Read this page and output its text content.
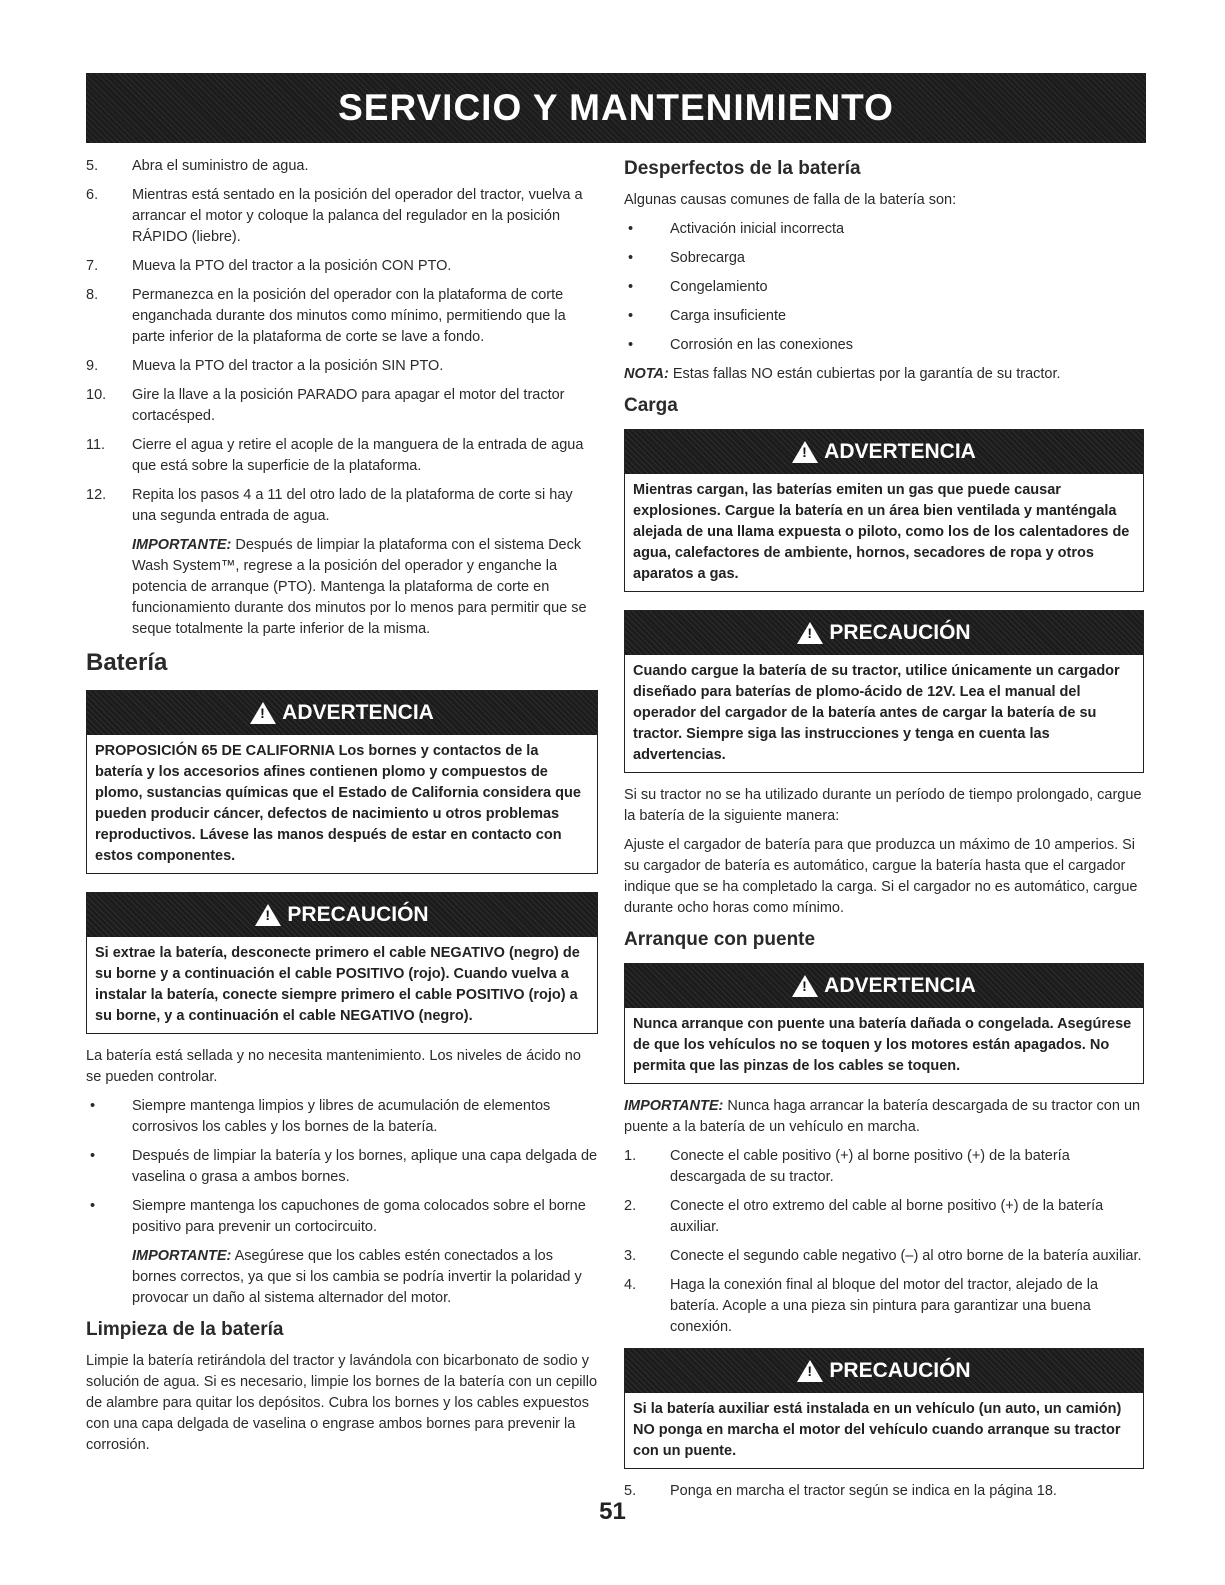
SERVICIO Y MANTENIMIENTO
5.	Abra el suministro de agua.
6.	Mientras está sentado en la posición del operador del tractor, vuelva a arrancar el motor y coloque la palanca del regulador en la posición RÁPIDO (liebre).
7.	Mueva la PTO del tractor a la posición CON PTO.
8.	Permanezca en la posición del operador con la plataforma de corte enganchada durante dos minutos como mínimo, permitiendo que la parte inferior de la plataforma de corte se lave a fondo.
9.	Mueva la PTO del tractor a la posición SIN PTO.
10.	Gire la llave a la posición PARADO para apagar el motor del tractor cortacésped.
11.	Cierre el agua y retire el acople de la manguera de la entrada de agua que está sobre la superficie de la plataforma.
12.	Repita los pasos 4 a 11 del otro lado de la plataforma de corte si hay una segunda entrada de agua.

IMPORTANTE: Después de limpiar la plataforma con el sistema Deck Wash System™, regrese a la posición del operador y enganche la potencia de arranque (PTO). Mantenga la plataforma de corte en funcionamiento durante dos minutos por lo menos para permitir que se seque totalmente la parte inferior de la misma.

Batería
!
ADVERTENCIA
PROPOSICIÓN 65 DE CALIFORNIA Los bornes y contactos de la batería y los accesorios afines contienen plomo y compuestos de plomo, sustancias químicas que el Estado de California considera que pueden producir cáncer, defectos de nacimiento u otros problemas reproductivos. Lávese las manos después de estar en contacto con estos componentes.
!
PRECAUCIÓN
Si extrae la batería, desconecte primero el cable NEGATIVO (negro) de su borne y a continuación el cable POSITIVO (rojo). Cuando vuelva a instalar la batería, conecte siempre primero el cable POSITIVO (rojo) a su borne, y a continuación el cable NEGATIVO (negro).

La batería está sellada y no necesita mantenimiento. Los niveles de ácido no se pueden controlar.

•	Siempre mantenga limpios y libres de acumulación de elementos corrosivos los cables y los bornes de la batería.
•	Después de limpiar la batería y los bornes, aplique una capa delgada de vaselina o grasa a ambos bornes.
•	Siempre mantenga los capuchones de goma colocados sobre el borne positivo para prevenir un cortocircuito.

IMPORTANTE: Asegúrese que los cables estén conectados a los bornes correctos, ya que si los cambia se podría invertir la polaridad y provocar un daño al sistema alternador del motor.

Limpieza de la batería

Limpie la batería retirándola del tractor y lavándola con bicarbonato de sodio y solución de agua. Si es necesario, limpie los bornes de la batería con un cepillo de alambre para quitar los depósitos. Cubra los bornes y los cables expuestos con una capa delgada de vaselina o engrase ambos bornes para prevenir la corrosión.

Desperfectos de la batería

Algunas causas comunes de falla de la batería son:

•	Activación inicial incorrecta
•	Sobrecarga
•	Congelamiento
•	Carga insuficiente
•	Corrosión en las conexiones

NOTA: Estas fallas NO están cubiertas por la garantía de su tractor.

Carga
!
ADVERTENCIA
Mientras cargan, las baterías emiten un gas que puede causar explosiones. Cargue la batería en un área bien ventilada y manténgala alejada de una llama expuesta o piloto, como los de los calentadores de agua, calefactores de ambiente, hornos, secadores de ropa y otros aparatos a gas.
!
PRECAUCIÓN
Cuando cargue la batería de su tractor, utilice únicamente un cargador diseñado para baterías de plomo-ácido de 12V. Lea el manual del operador del cargador de la batería antes de cargar la batería de su tractor. Siempre siga las instrucciones y tenga en cuenta las advertencias.

Si su tractor no se ha utilizado durante un período de tiempo prolongado, cargue la batería de la siguiente manera:

Ajuste el cargador de batería para que produzca un máximo de 10 amperios. Si su cargador de batería es automático, cargue la batería hasta que el cargador indique que se ha completado la carga. Si el cargador no es automático, cargue durante ocho horas como mínimo.

Arranque con puente
!
ADVERTENCIA
Nunca arranque con puente una batería dañada o congelada. Asegúrese de que los vehículos no se toquen y los motores están apagados. No permita que las pinzas de los cables se toquen.

IMPORTANTE: Nunca haga arrancar la batería descargada de su tractor con un puente a la batería de un vehículo en marcha.

1.	Conecte el cable positivo (+) al borne positivo (+) de la batería descargada de su tractor.
2.	Conecte el otro extremo del cable al borne positivo (+) de la batería auxiliar.
3.	Conecte el segundo cable negativo (–) al otro borne de la batería auxiliar.
4.	Haga la conexión final al bloque del motor del tractor, alejado de la batería. Acople a una pieza sin pintura para garantizar una buena conexión.
!
PRECAUCIÓN
Si la batería auxiliar está instalada en un vehículo (un auto, un camión) NO ponga en marcha el motor del vehículo cuando arranque su tractor con un puente.
5.	Ponga en marcha el tractor según se indica en la página 18.
51
